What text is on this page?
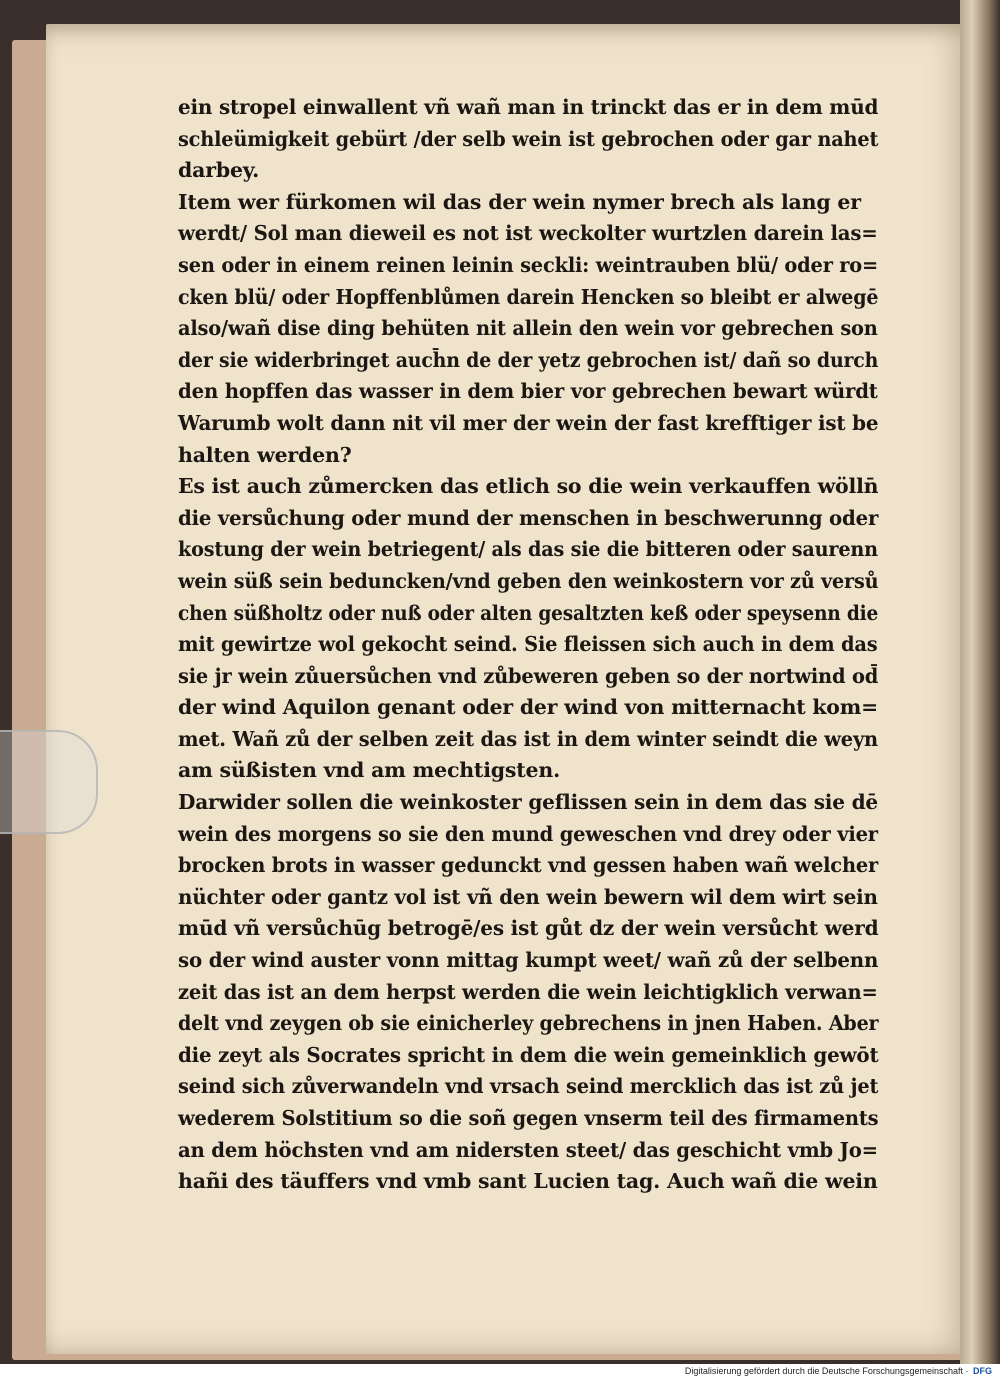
ein stropel einwallent vñ wañ man in trinckt das er in dem mūd
schleümigkeit gebürt /der selb wein ist gebrochen oder gar nahet
darbey.
Item wer fürkomen wil das der wein nymer brech als lang er
werdt/ Sol man dieweil es not ist weckolter wurtzlen darein las=
sen oder in einem reinen leinin seckli: weintrauben blü/ oder ro=
cken blü/ oder Hopffenblůmen darein Hencken so bleibt er alwegē
also/wañ dise ding behüten nit allein den wein vor gebrechen son
der sie widerbringet auch̄n de der yetz gebrochen ist/ dañ so durch
den hopffen das wasser in dem bier vor gebrechen bewart würdt
Warumb wolt dann nit vil mer der wein der fast krefftiger ist be
halten werden?
Es ist auch zůmercken das etlich so die wein verkauffen wölln̄
die versůchung oder mund der menschen in beschwerunng oder
kostung der wein betriegent/ als das sie die bitteren oder saurenn
wein süß sein beduncken/vnd geben den weinkostern vor zů versů
chen süßholtz oder nuß oder alten gesaltzten keß oder speysenn die
mit gewirtze wol gekocht seind. Sie fleissen sich auch in dem das
sie jr wein zůuersůchen vnd zůbeweren geben so der nortwind od̄
der wind Aquilon genant oder der wind von mitternacht kom=
met. Wañ zů der selben zeit das ist in dem winter seindt die weyn
am süßisten vnd am mechtigsten.
Darwider sollen die weinkoster geflissen sein in dem das sie dē
wein des morgens so sie den mund geweschen vnd drey oder vier
brocken brots in wasser gedunckt vnd gessen haben wañ welcher
nüchter oder gantz vol ist vñ den wein bewern wil dem wirt sein
mūd vñ versůchūg betrogē/es ist gůt dz der wein versůcht werd
so der wind auster vonn mittag kumpt weet/ wañ zů der selbenn
zeit das ist an dem herpst werden die wein leichtigklich verwan=
delt vnd zeygen ob sie einicherley gebrechens in jnen Haben. Aber
die zeyt als Socrates spricht in dem die wein gemeinklich gewōt
seind sich zůverwandeln vnd vrsach seind mercklich das ist zů jet
wederem Solstitium so die soñ gegen vnserm teil des firmaments
an dem höchsten vnd am nidersten steet/ das geschicht vmb Jo=
hañi des täuffers vnd vmb sant Lucien tag. Auch wañ die wein
Digitalisierung gefördert durch die Deutsche Forschungsgemeinschaft · DFG
